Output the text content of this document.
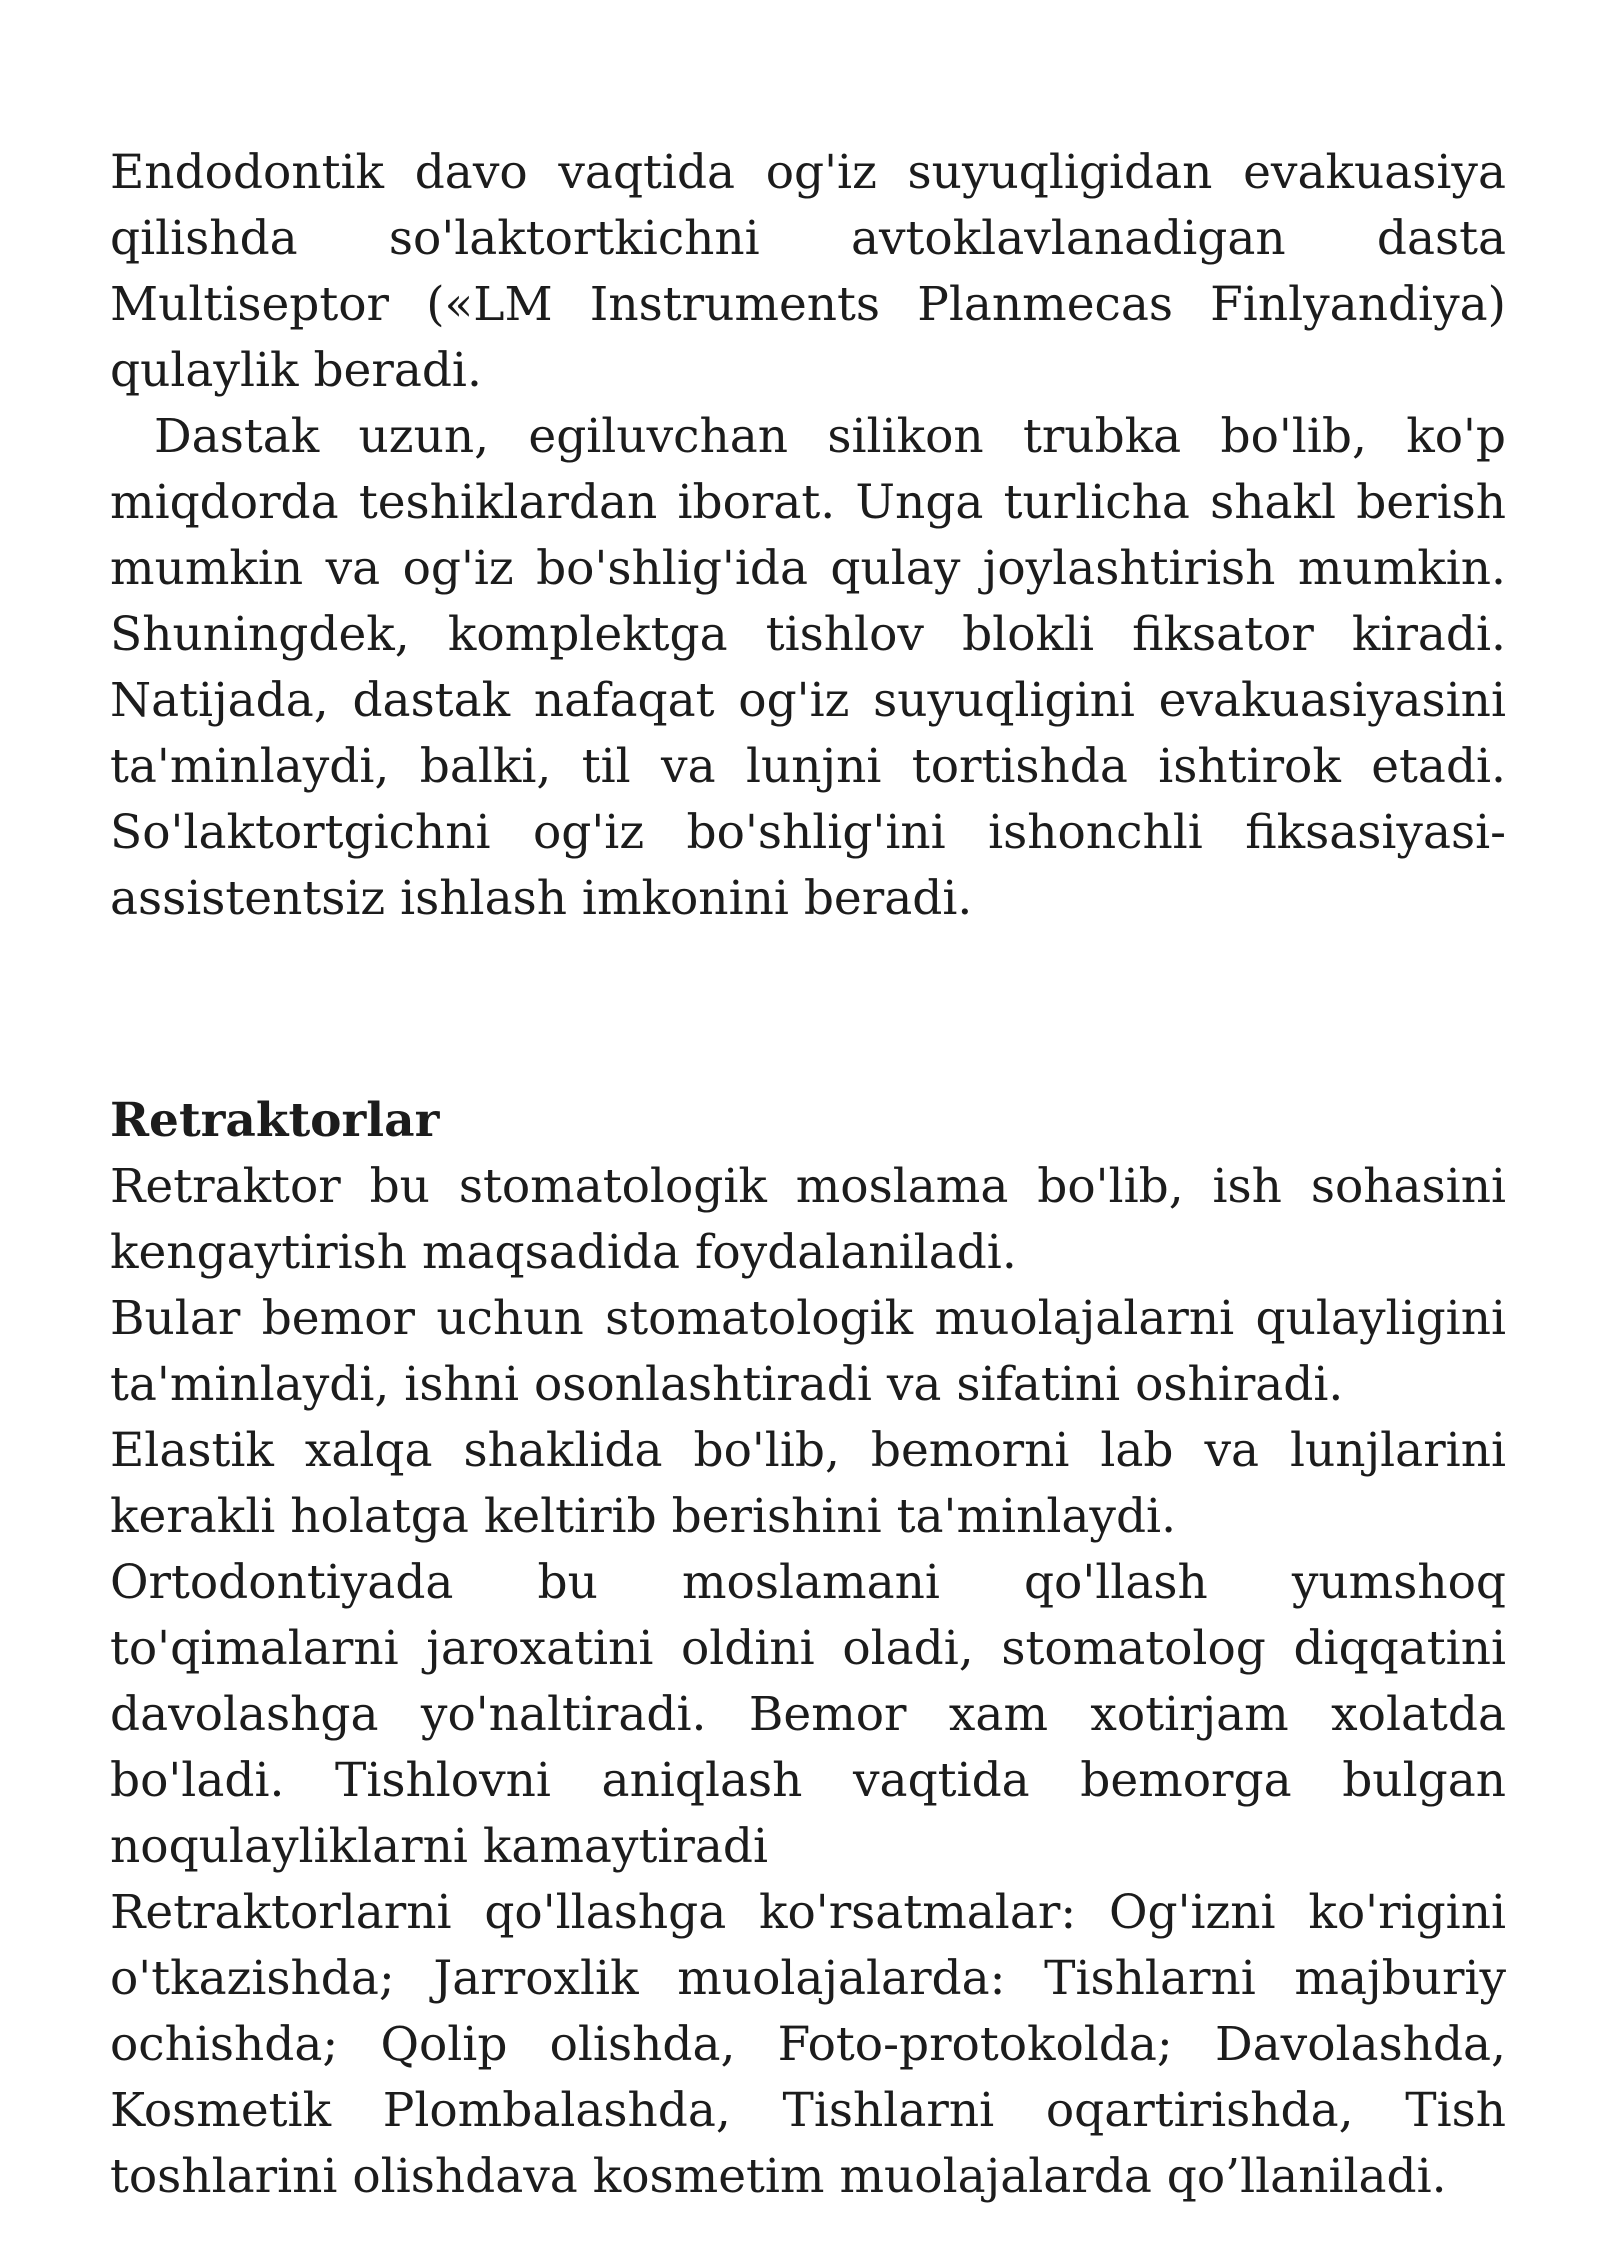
Endodontik davo vaqtida og'iz suyuqligidan evakuasiya qilishda so'laktortkichni avtoklavlanadigan dasta Multiseptor («LM Instruments Planmecas Finlyandiya) qulaylik beradi.

Dastak uzun, egiluvchan silikon trubka bo'lib, ko'p miqdorda teshiklardan iborat. Unga turlicha shakl berish mumkin va og'iz bo'shlig'ida qulay joylashtirish mumkin. Shuningdek, komplektga tishlov blokli fiksator kiradi. Natijada, dastak nafaqat og'iz suyuqligini evakuasiyasini ta'minlaydi, balki, til va lunjni tortishda ishtirok etadi. So'laktortgichni og'iz bo'shlig'ini ishonchli fiksasiyasi-assistentsiz ishlash imkonini beradi.

Retraktorlar

Retraktor bu stomatologik moslama bo'lib, ish sohasini kengaytirish maqsadida foydalaniladi.

Bular bemor uchun stomatologik muolajalarni qulayligini ta'minlaydi, ishni osonlashtiradi va sifatini oshiradi.

Elastik xalqa shaklida bo'lib, bemorni lab va lunjlarini kerakli holatga keltirib berishini ta'minlaydi.

Ortodontiyada bu moslamani qo'llash yumshoq to'qimalarni jaroxatini oldini oladi, stomatolog diqqatini davolashga yo'naltiradi. Bemor xam xotirjam xolatda bo'ladi. Tishlovni aniqlash vaqtida bemorga bulgan noqulayliklarni kamaytiradi

Retraktorlarni qo'llashga ko'rsatmalar: Og'izni ko'rigini o'tkazishda; Jarroxlik muolajalarda: Tishlarni majburiy ochishda; Qolip olishda, Foto-protokolda; Davolashda, Kosmetik Plombalashda, Tishlarni oqartirishda, Tish toshlarini olishdava kosmetim muolajalarda qo’llaniladi.
